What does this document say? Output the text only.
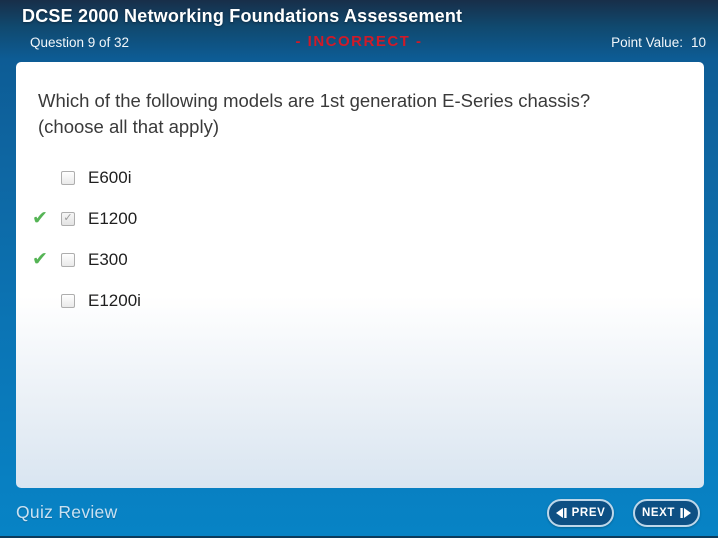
DCSE 2000 Networking Foundations Assessement
Question 9 of 32	- INCORRECT -	Point Value: 10
Which of the following models are 1st generation E-Series chassis?
(choose all that apply)
E600i
✔	✓ E1200
✔	E300
E1200i
Quiz Review	PREV	NEXT
